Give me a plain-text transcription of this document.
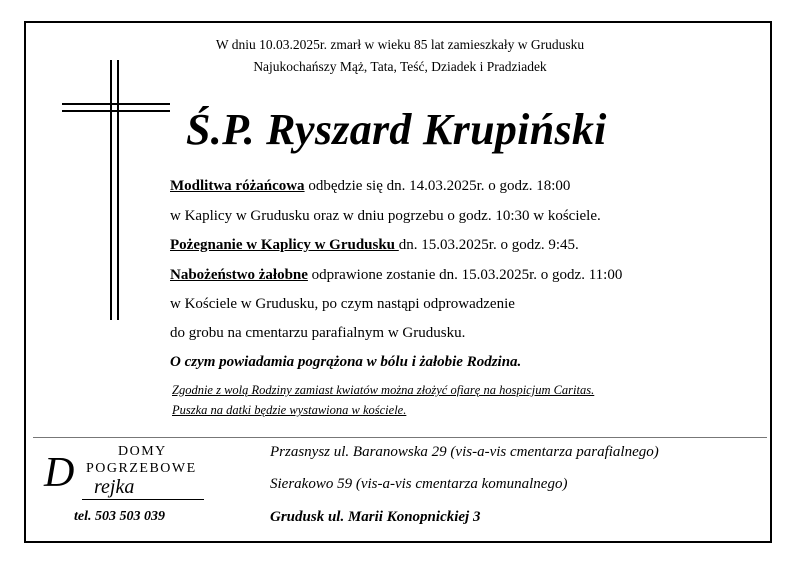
W dniu 10.03.2025r. zmarł w wieku 85 lat zamieszkały w Grudusku
Najukochańszy Mąż, Tata, Teść, Dziadek i Pradziadek
Ś.P. Ryszard Krupiński
Modlitwa różańcowa odbędzie się dn. 14.03.2025r. o godz. 18:00
w Kaplicy w Grudusku oraz w dniu pogrzebu o godz. 10:30 w kościele.
Pożegnanie w Kaplicy w Grudusku dn. 15.03.2025r. o godz. 9:45.
Nabożeństwo żałobne odprawione zostanie dn. 15.03.2025r. o godz. 11:00
w Kościele w Grudusku, po czym nastąpi odprowadzenie
do grobu na cmentarzu parafialnym w Grudusku.
O czym powiadamia pogrążona w bólu i żałobie Rodzina.
Zgodnie z wolą Rodziny zamiast kwiatów można złożyć ofiarę na hospicjum Caritas.
Puszka na datki będzie wystawiona w kościele.
DOMY
POGRZEBOWE
D rejka
tel. 503 503 039
Przasnysz ul. Baranowska 29 (vis-a-vis cmentarza parafialnego)
Sierakowo 59 (vis-a-vis cmentarza komunalnego)
Grudusk ul. Marii Konopnickiej 3
